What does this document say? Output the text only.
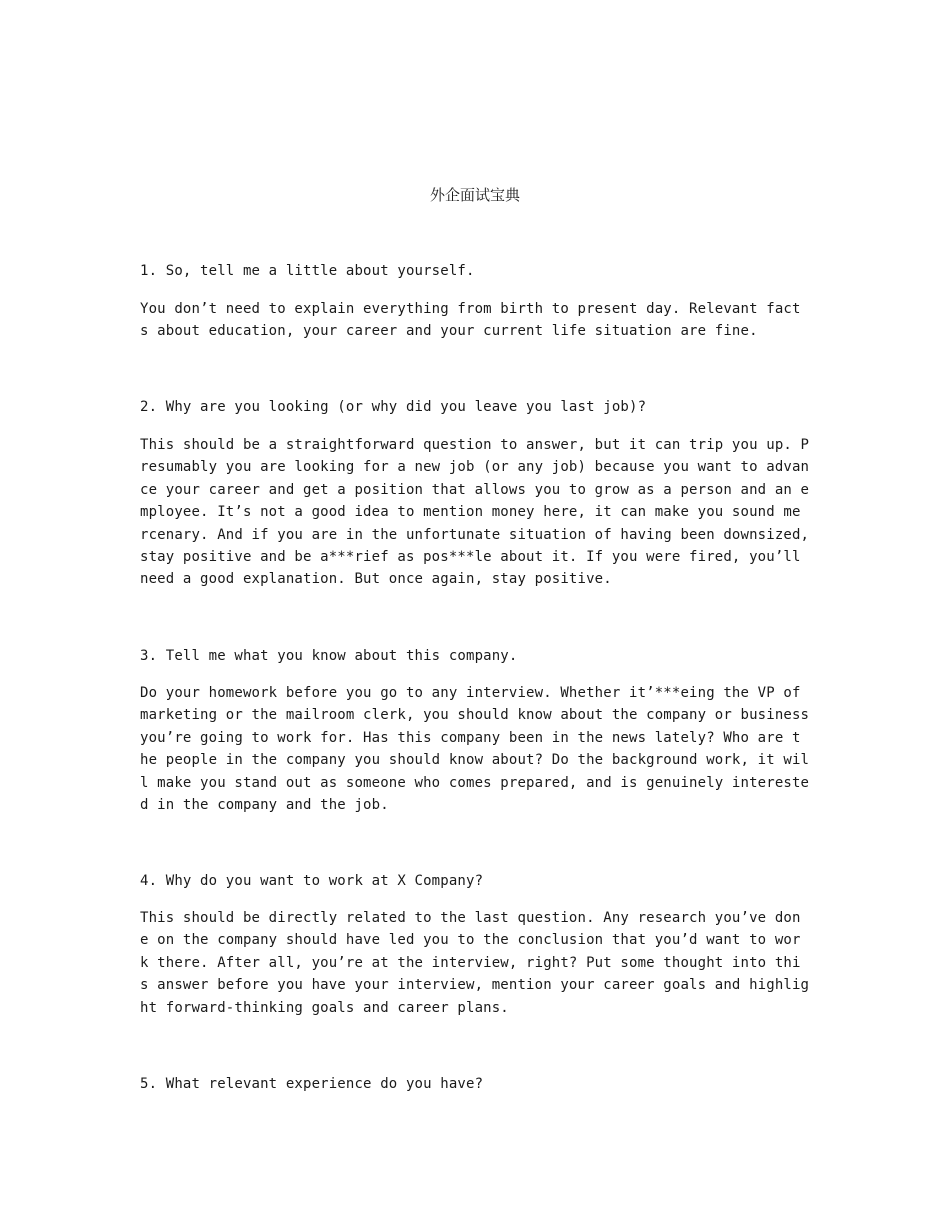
外企面试宝典
1. So, tell me a little about yourself.
You don’t need to explain everything from birth to present day. Relevant fact
s about education, your career and your current life situation are fine.
2. Why are you looking (or why did you leave you last job)?
This should be a straightforward question to answer, but it can trip you up. P
resumably you are looking for a new job (or any job) because you want to advan
ce your career and get a position that allows you to grow as a person and an e
mployee. It’s not a good idea to mention money here, it can make you sound me
rcenary. And if you are in the unfortunate situation of having been downsized,
stay positive and be a***rief as pos***le about it. If you were fired, you’ll
need a good explanation. But once again, stay positive.
3. Tell me what you know about this company.
Do your homework before you go to any interview. Whether it’***eing the VP of
marketing or the mailroom clerk, you should know about the company or business
you’re going to work for. Has this company been in the news lately? Who are t
he people in the company you should know about? Do the background work, it wil
l make you stand out as someone who comes prepared, and is genuinely intereste
d in the company and the job.
4. Why do you want to work at X Company?
This should be directly related to the last question. Any research you’ve don
e on the company should have led you to the conclusion that you’d want to wor
k there. After all, you’re at the interview, right? Put some thought into thi
s answer before you have your interview, mention your career goals and highlig
ht forward-thinking goals and career plans.
5. What relevant experience do you have?
